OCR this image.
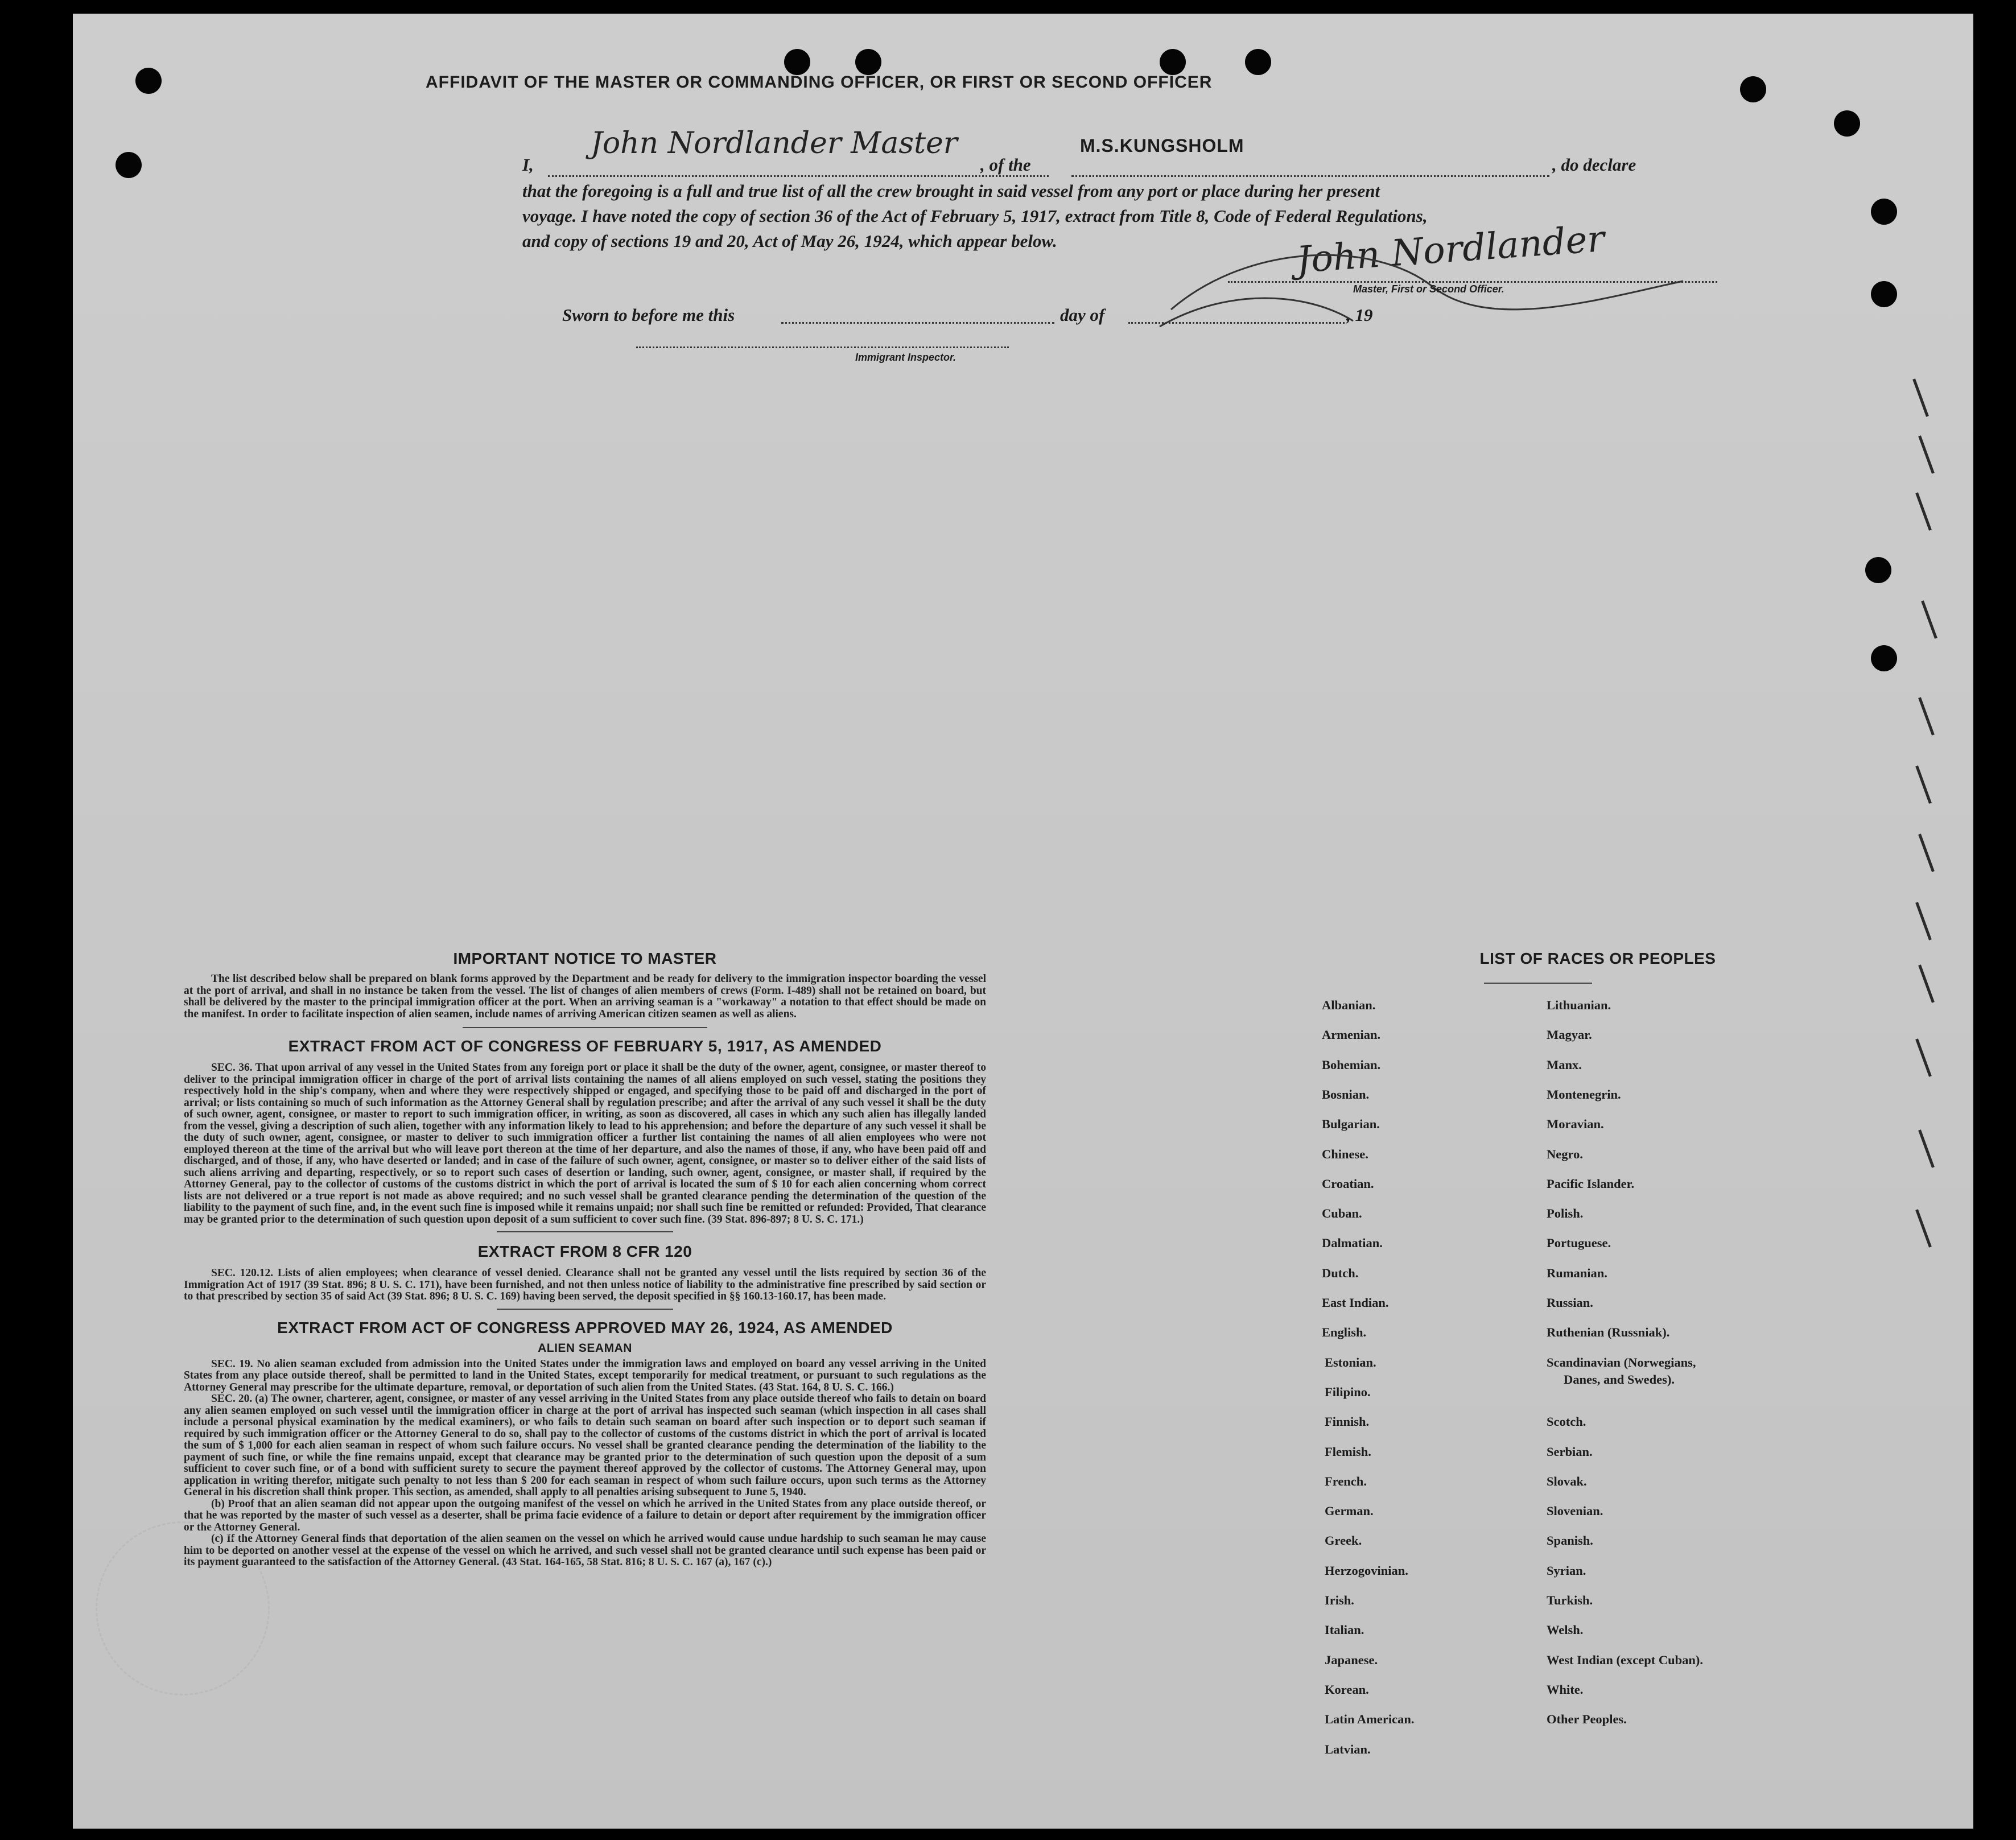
AFFIDAVIT OF THE MASTER OR COMMANDING OFFICER, OR FIRST OR SECOND OFFICER
I,
John Nordlander Master
, of the
M.S.KUNGSHOLM
, do declare
that the foregoing is a full and true list of all the crew brought in said vessel from any port or place during her present
voyage. I have noted the copy of section 36 of the Act of February 5, 1917, extract from Title 8, Code of Federal Regulations,
and copy of sections 19 and 20, Act of May 26, 1924, which appear below.	John Nordlander
Master, First or Second Officer.
Sworn to before me this	day of	, 19
Immigrant Inspector.
IMPORTANT NOTICE TO MASTER

The list described below shall be prepared on blank forms approved by the Department and be ready for delivery to the immigration inspector boarding the vessel at the port of arrival, and shall in no instance be taken from the vessel. The list of changes of alien members of crews (Form. I-489) shall not be retained on board, but shall be delivered by the master to the principal immigration officer at the port. When an arriving seaman is a "workaway" a notation to that effect should be made on the manifest. In order to facilitate inspection of alien seamen, include names of arriving American citizen seamen as well as aliens.

EXTRACT FROM ACT OF CONGRESS OF FEBRUARY 5, 1917, AS AMENDED

SEC. 36. That upon arrival of any vessel in the United States from any foreign port or place it shall be the duty of the owner, agent, consignee, or master thereof to deliver to the principal immigration officer in charge of the port of arrival lists containing the names of all aliens employed on such vessel, stating the positions they respectively hold in the ship's company, when and where they were respectively shipped or engaged, and specifying those to be paid off and discharged in the port of arrival; or lists containing so much of such information as the Attorney General shall by regulation prescribe; and after the arrival of any such vessel it shall be the duty of such owner, agent, consignee, or master to report to such immigration officer, in writing, as soon as discovered, all cases in which any such alien has illegally landed from the vessel, giving a description of such alien, together with any information likely to lead to his apprehension; and before the departure of any such vessel it shall be the duty of such owner, agent, consignee, or master to deliver to such immigration officer a further list containing the names of all alien employees who were not employed thereon at the time of the arrival but who will leave port thereon at the time of her departure, and also the names of those, if any, who have been paid off and discharged, and of those, if any, who have deserted or landed; and in case of the failure of such owner, agent, consignee, or master so to deliver either of the said lists of such aliens arriving and departing, respectively, or so to report such cases of desertion or landing, such owner, agent, consignee, or master shall, if required by the Attorney General, pay to the collector of customs of the customs district in which the port of arrival is located the sum of $ 10 for each alien concerning whom correct lists are not delivered or a true report is not made as above required; and no such vessel shall be granted clearance pending the determination of the question of the liability to the payment of such fine, and, in the event such fine is imposed while it remains unpaid; nor shall such fine be remitted or refunded: Provided, That clearance may be granted prior to the determination of such question upon deposit of a sum sufficient to cover such fine. (39 Stat. 896-897; 8 U. S. C. 171.)

EXTRACT FROM 8 CFR 120

SEC. 120.12. Lists of alien employees; when clearance of vessel denied. Clearance shall not be granted any vessel until the lists required by section 36 of the Immigration Act of 1917 (39 Stat. 896; 8 U. S. C. 171), have been furnished, and not then unless notice of liability to the administrative fine prescribed by said section or to that prescribed by section 35 of said Act (39 Stat. 896; 8 U. S. C. 169) having been served, the deposit specified in §§ 160.13-160.17, has been made.

EXTRACT FROM ACT OF CONGRESS APPROVED MAY 26, 1924, AS AMENDED
ALIEN SEAMAN

SEC. 19. No alien seaman excluded from admission into the United States under the immigration laws and employed on board any vessel arriving in the United States from any place outside thereof, shall be permitted to land in the United States, except temporarily for medical treatment, or pursuant to such regulations as the Attorney General may prescribe for the ultimate departure, removal, or deportation of such alien from the United States. (43 Stat. 164, 8 U. S. C. 166.)

SEC. 20. (a) The owner, charterer, agent, consignee, or master of any vessel arriving in the United States from any place outside thereof who fails to detain on board any alien seamen employed on such vessel until the immigration officer in charge at the port of arrival has inspected such seaman (which inspection in all cases shall include a personal physical examination by the medical examiners), or who fails to detain such seaman on board after such inspection or to deport such seaman if required by such immigration officer or the Attorney General to do so, shall pay to the collector of customs of the customs district in which the port of arrival is located the sum of $ 1,000 for each alien seaman in respect of whom such failure occurs. No vessel shall be granted clearance pending the determination of the liability to the payment of such fine, or while the fine remains unpaid, except that clearance may be granted prior to the determination of such question upon the deposit of a sum sufficient to cover such fine, or of a bond with sufficient surety to secure the payment thereof approved by the collector of customs. The Attorney General may, upon application in writing therefor, mitigate such penalty to not less than $ 200 for each seaman in respect of whom such failure occurs, upon such terms as the Attorney General in his discretion shall think proper. This section, as amended, shall apply to all penalties arising subsequent to June 5, 1940.

(b) Proof that an alien seaman did not appear upon the outgoing manifest of the vessel on which he arrived in the United States from any place outside thereof, or that he was reported by the master of such vessel as a deserter, shall be prima facie evidence of a failure to detain or deport after requirement by the immigration officer or the Attorney General.

(c) If the Attorney General finds that deportation of the alien seamen on the vessel on which he arrived would cause undue hardship to such seaman he may cause him to be deported on another vessel at the expense of the vessel on which he arrived, and such vessel shall not be granted clearance until such expense has been paid or its payment guaranteed to the satisfaction of the Attorney General. (43 Stat. 164-165, 58 Stat. 816; 8 U. S. C. 167 (a), 167 (c).)

LIST OF RACES OR PEOPLES
Albanian.
Armenian.
Bohemian.
Bosnian.
Bulgarian.
Chinese.
Croatian.
Cuban.
Dalmatian.
Dutch.
East Indian.
English.
Estonian.
Filipino.
Finnish.
Flemish.
French.
German.
Greek.
Herzogovinian.
Irish.
Italian.
Japanese.
Korean.
Latin American.
Latvian.
Lithuanian.
Magyar.
Manx.
Montenegrin.
Moravian.
Negro.
Pacific Islander.
Polish.
Portuguese.
Rumanian.
Russian.
Ruthenian (Russniak).
Scandinavian (Norwegians,
Danes, and Swedes).
Scotch.
Serbian.
Slovak.
Slovenian.
Spanish.
Syrian.
Turkish.
Welsh.
West Indian (except Cuban).
White.
Other Peoples.
